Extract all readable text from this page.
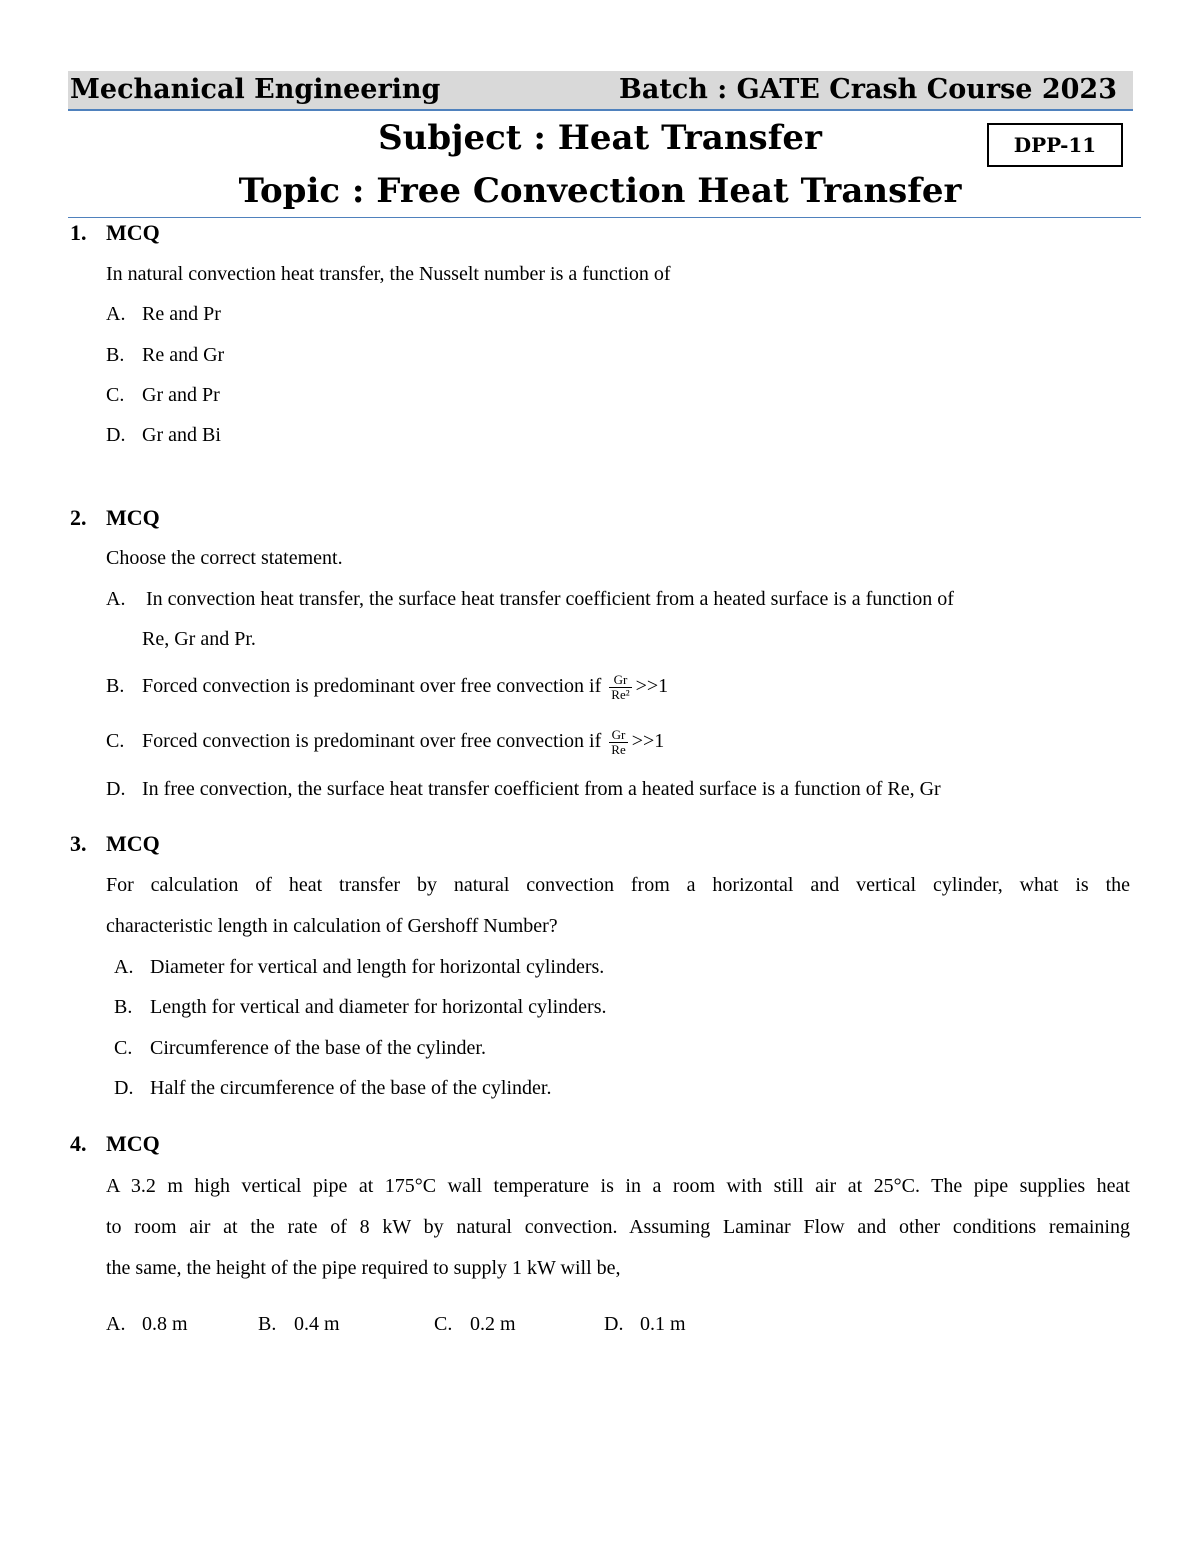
Mechanical Engineering	Batch : GATE Crash Course 2023
Subject : Heat Transfer
Topic : Free Convection Heat Transfer
DPP-11
1. MCQ
In natural convection heat transfer, the Nusselt number is a function of
A. Re and Pr
B. Re and Gr
C. Gr and Pr
D. Gr and Bi
2. MCQ
Choose the correct statement.
A. In convection heat transfer, the surface heat transfer coefficient from a heated surface is a function of
Re, Gr and Pr.
B. Forced convection is predominant over free convection if $\frac{Gr}{\text{Re²}} >>1$
C. Forced convection is predominant over free convection if $\frac{Gr}{Re} >>1$
D. In free convection, the surface heat transfer coefficient from a heated surface is a function of Re, Gr
3. MCQ
For calculation of heat transfer by natural convection from a horizontal and vertical cylinder, what is the
characteristic length in calculation of Gershoff Number?
A. Diameter for vertical and length for horizontal cylinders.
B. Length for vertical and diameter for horizontal cylinders.
C. Circumference of the base of the cylinder.
D. Half the circumference of the base of the cylinder.
4. MCQ
A 3.2 m high vertical pipe at 175°C wall temperature is in a room with still air at 25°C. The pipe supplies heat
to room air at the rate of 8 kW by natural convection. Assuming Laminar Flow and other conditions remaining
the same, the height of the pipe required to supply 1 kW will be,
A. 0.8 m	B. 0.4 m	C. 0.2 m	D. 0.1 m
